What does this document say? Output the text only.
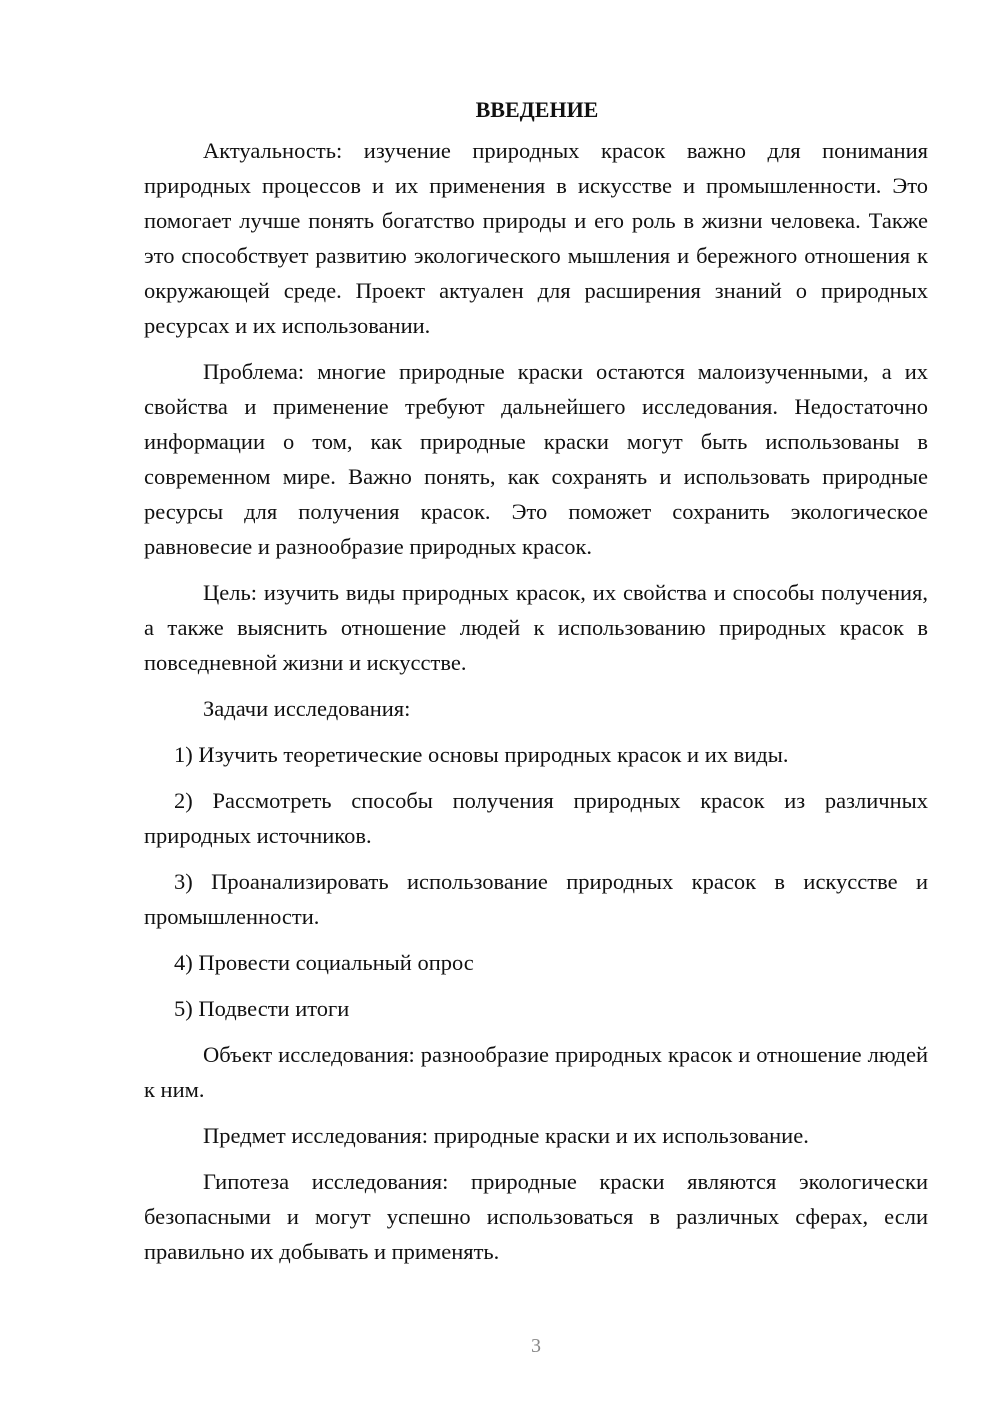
ВВЕДЕНИЕ

Актуальность: изучение природных красок важно для понимания природных процессов и их применения в искусстве и промышленности. Это помогает лучше понять богатство природы и его роль в жизни человека. Также это способствует развитию экологического мышления и бережного отношения к окружающей среде. Проект актуален для расширения знаний о природных ресурсах и их использовании.

Проблема: многие природные краски остаются малоизученными, а их свойства и применение требуют дальнейшего исследования. Недостаточно информации о том, как природные краски могут быть использованы в современном мире. Важно понять, как сохранять и использовать природные ресурсы для получения красок. Это поможет сохранить экологическое равновесие и разнообразие природных красок.

Цель: изучить виды природных красок, их свойства и способы получения, а также выяснить отношение людей к использованию природных красок в повседневной жизни и искусстве.

Задачи исследования:

1) Изучить теоретические основы природных красок и их виды.

2) Рассмотреть способы получения природных красок из различных природных источников.

3) Проанализировать использование природных красок в искусстве и промышленности.

4) Провести социальный опрос

5) Подвести итоги

Объект исследования: разнообразие природных красок и отношение людей к ним.

Предмет исследования: природные краски и их использование.

Гипотеза исследования: природные краски являются экологически безопасными и могут успешно использоваться в различных сферах, если правильно их добывать и применять.

3
